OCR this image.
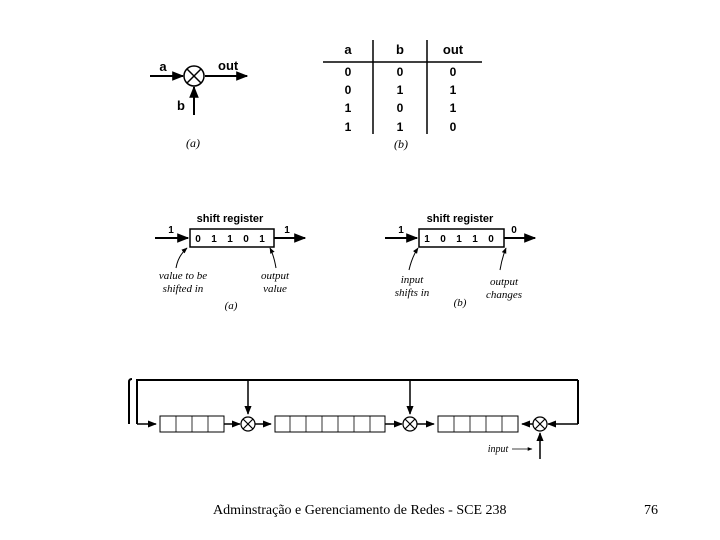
a
b
out
(a)
a	b	out
0	0	0
0	1	1
1	0	1
1	1	0
(b)
shift register
1	1
0 1 1 0 1
value to be
shifted in
output
value
(a)
shift register
1	0
1 0 1 1 0
input
shifts in
output
changes
(b)
input
Adminstração e Gerenciamento de Redes - SCE 238	76
